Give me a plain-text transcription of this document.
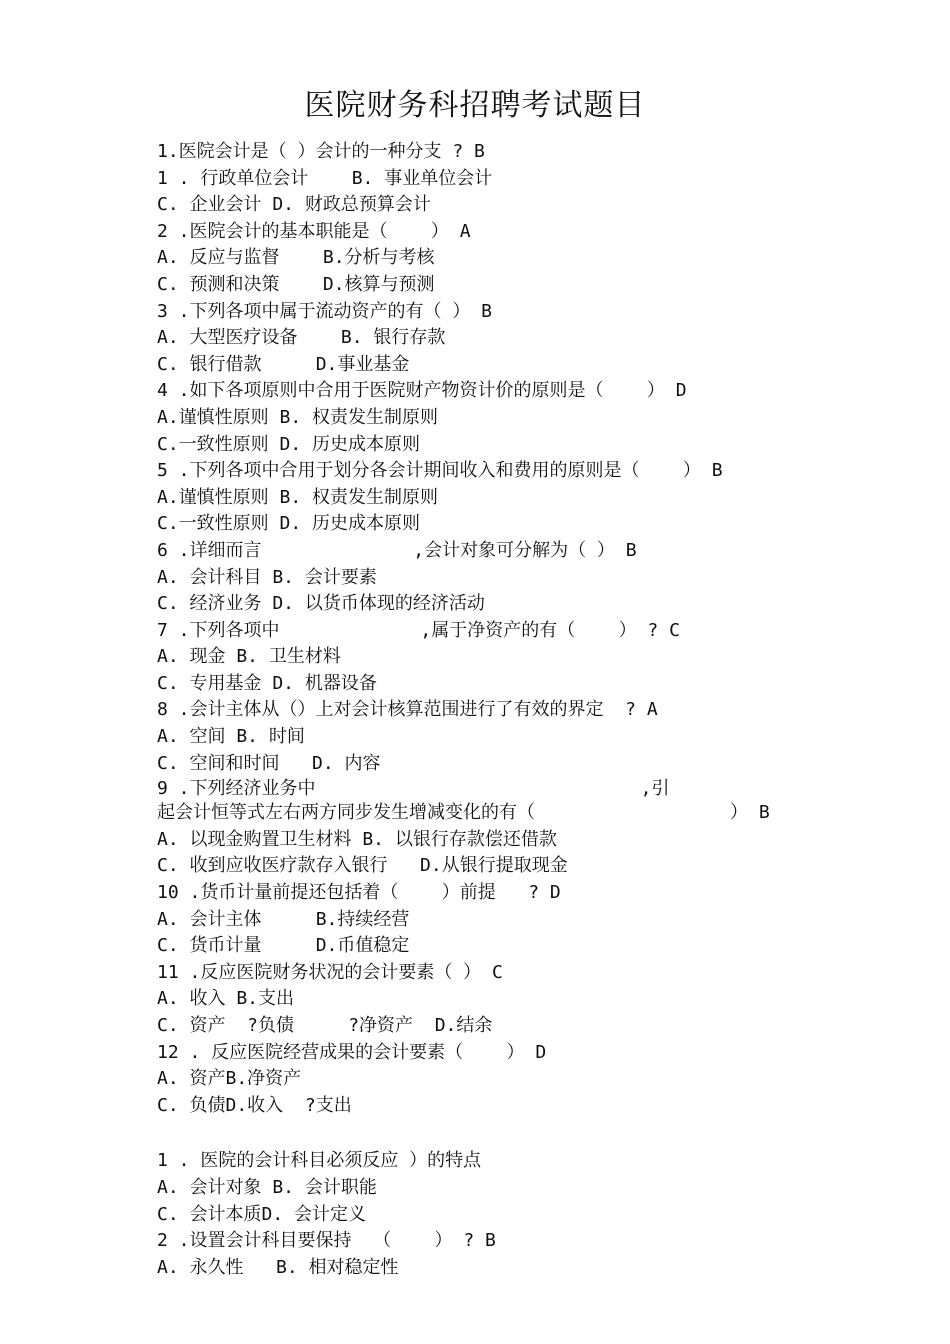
医院财务科招聘考试题目
1.医院会计是（ ）会计的一种分支 ? B
1 . 行政单位会计    B. 事业单位会计
C. 企业会计 D. 财政总预算会计
2 .医院会计的基本职能是（    ） A
A. 反应与监督    B.分析与考核
C. 预测和决策    D.核算与预测
3 .下列各项中属于流动资产的有（ ） B
A. 大型医疗设备    B. 银行存款
C. 银行借款     D.事业基金
4 .如下各项原则中合用于医院财产物资计价的原则是（    ） D
A.谨慎性原则 B. 权责发生制原则
C.一致性原则 D. 历史成本原则
5 .下列各项中合用于划分各会计期间收入和费用的原则是（    ） B
A.谨慎性原则 B. 权责发生制原则
C.一致性原则 D. 历史成本原则
6 .详细而言              ,会计对象可分解为（ ） B
A. 会计科目 B. 会计要素
C. 经济业务 D. 以货币体现的经济活动
7 .下列各项中             ,属于净资产的有（    ） ? C
A. 现金 B. 卫生材料
C. 专用基金 D. 机器设备
8 .会计主体从（）上对会计核算范围进行了有效的界定  ? A
A. 空间 B. 时间
C. 空间和时间   D. 内容
9 .下列经济业务中                              ,引
起会计恒等式左右两方同步发生增减变化的有（                  ） B
A. 以现金购置卫生材料 B. 以银行存款偿还借款
C. 收到应收医疗款存入银行   D.从银行提取现金
10 .货币计量前提还包括着（    ）前提   ? D
A. 会计主体     B.持续经营
C. 货币计量     D.币值稳定
11 .反应医院财务状况的会计要素（ ） C
A. 收入 B.支出
C. 资产  ?负债     ?净资产  D.结余
12 . 反应医院经营成果的会计要素（    ） D
A. 资产B.净资产
C. 负债D.收入  ?支出
1 . 医院的会计科目必须反应 ）的特点
A. 会计对象 B. 会计职能
C. 会计本质D. 会计定义
2 .设置会计科目要保持  （    ） ? B
A. 永久性   B. 相对稳定性
